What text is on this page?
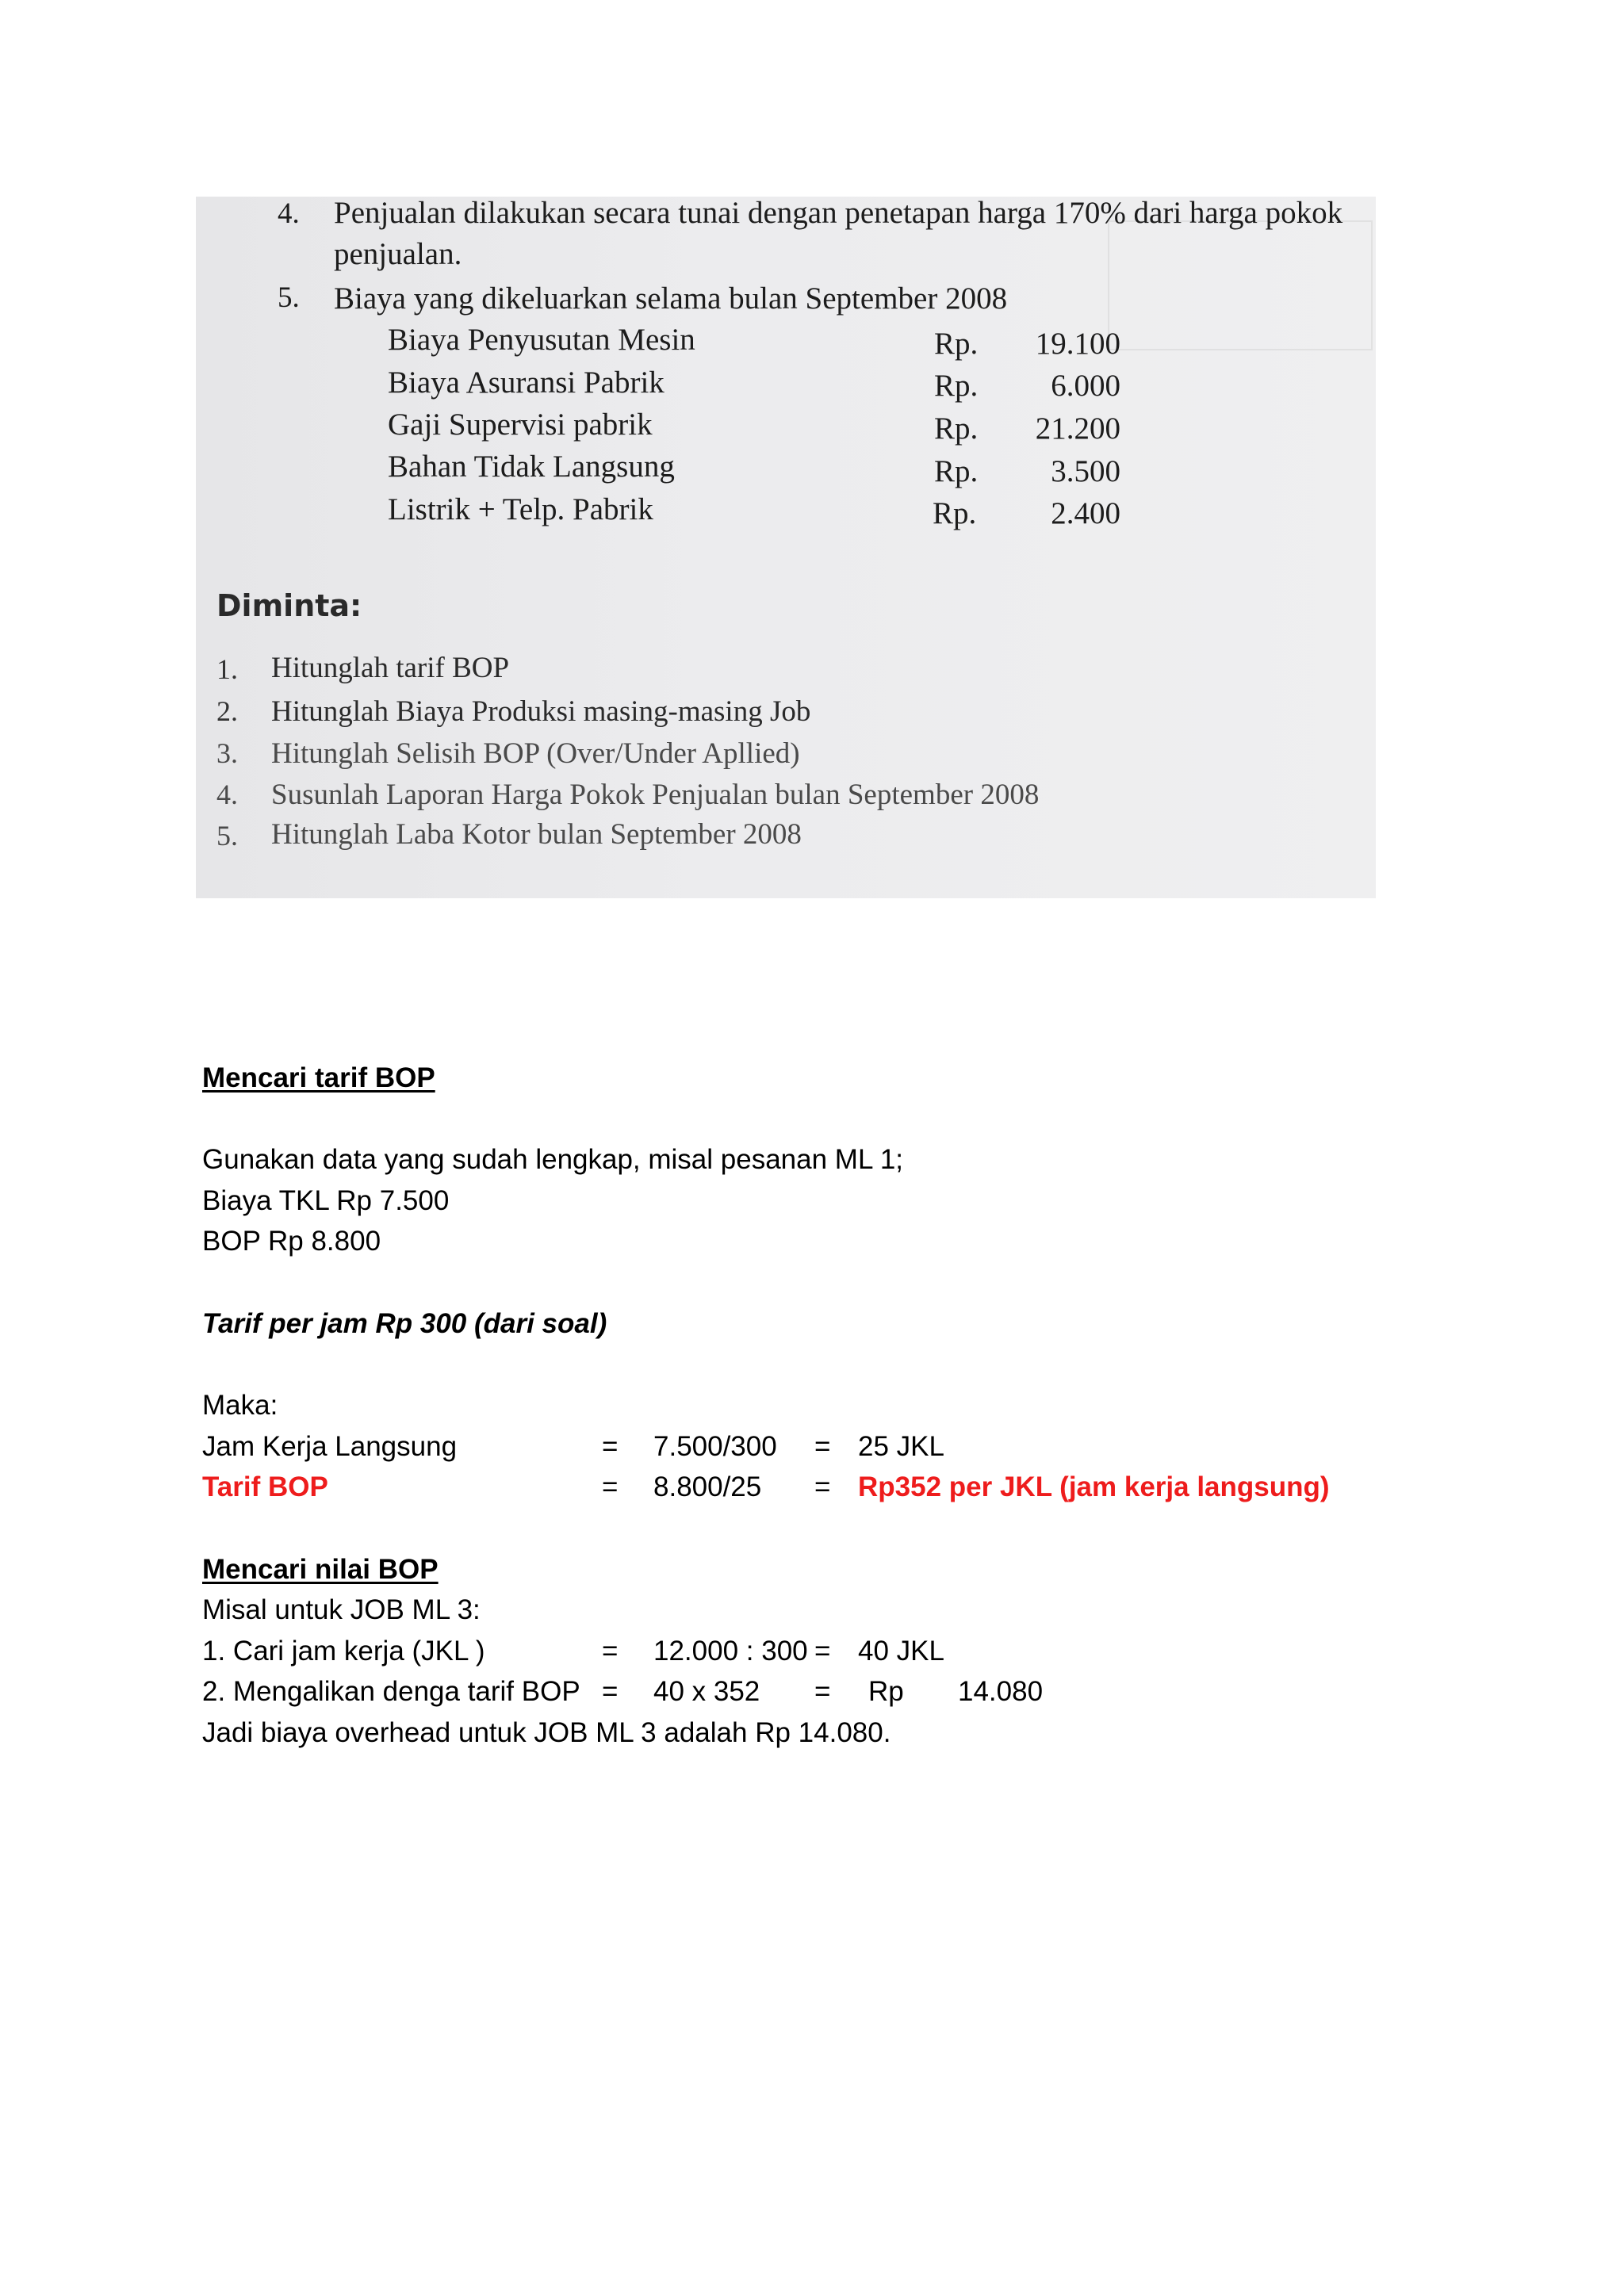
4. Penjualan dilakukan secara tunai dengan penetapan harga 170% dari harga pokok
penjualan.
5. Biaya yang dikeluarkan selama bulan September 2008
Biaya Penyusutan Mesin	Rp.	19.100
Biaya Asuransi Pabrik	Rp.	6.000
Gaji Supervisi pabrik	Rp.	21.200
Bahan Tidak Langsung	Rp.	3.500
Listrik + Telp. Pabrik	Rp.	2.400
Diminta:
1. Hitunglah tarif BOP
2. Hitunglah Biaya Produksi masing-masing Job
3. Hitunglah Selisih BOP (Over/Under Apllied)
4. Susunlah Laporan Harga Pokok Penjualan bulan September 2008
5. Hitunglah Laba Kotor bulan September 2008
Mencari tarif BOP
Gunakan data yang sudah lengkap, misal pesanan ML 1;
Biaya TKL Rp 7.500
BOP Rp 8.800
Tarif per jam Rp 300 (dari soal)
Maka:
Jam Kerja Langsung	= 7.500/300 = 25 JKL
Tarif BOP	= 8.800/25 = Rp352 per JKL (jam kerja langsung)
Mencari nilai BOP
Misal untuk JOB ML 3:
1. Cari jam kerja (JKL )	= 12.000 : 300 = 40 JKL
2. Mengalikan denga tarif BOP = 40 x 352 = Rp 14.080
Jadi biaya overhead untuk JOB ML 3 adalah Rp 14.080.
